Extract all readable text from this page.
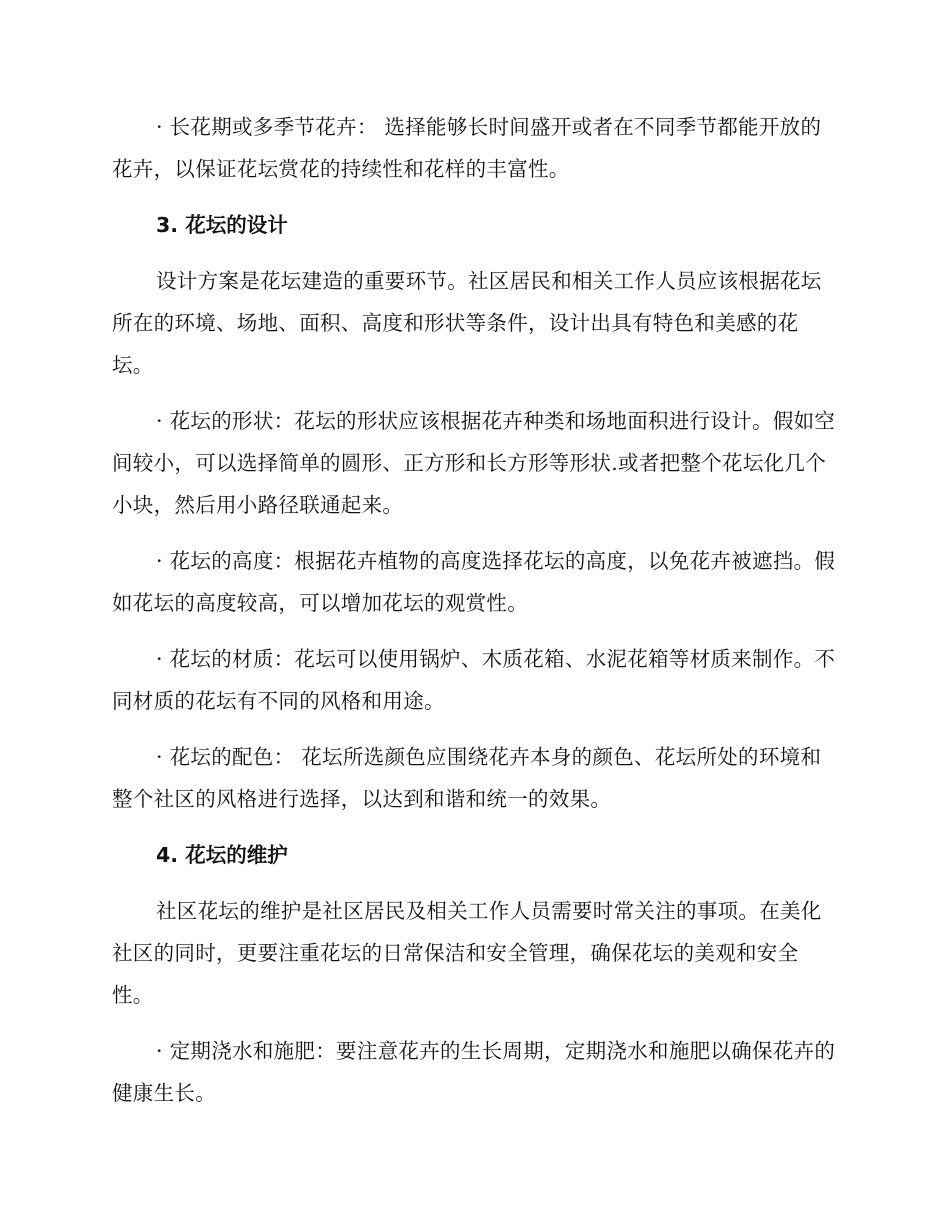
· 长花期或多季节花卉： 选择能够长时间盛开或者在不同季节都能开放的花卉，以保证花坛赏花的持续性和花样的丰富性。

3. 花坛的设计

设计方案是花坛建造的重要环节。社区居民和相关工作人员应该根据花坛所在的环境、场地、面积、高度和形状等条件，设计出具有特色和美感的花坛。

· 花坛的形状：花坛的形状应该根据花卉种类和场地面积进行设计。假如空间较小，可以选择简单的圆形、正方形和长方形等形状.或者把整个花坛化几个小块，然后用小路径联通起来。

· 花坛的高度：根据花卉植物的高度选择花坛的高度，以免花卉被遮挡。假如花坛的高度较高，可以增加花坛的观赏性。

· 花坛的材质：花坛可以使用锅炉、木质花箱、水泥花箱等材质来制作。不同材质的花坛有不同的风格和用途。

· 花坛的配色： 花坛所选颜色应围绕花卉本身的颜色、花坛所处的环境和整个社区的风格进行选择，以达到和谐和统一的效果。

4. 花坛的维护

社区花坛的维护是社区居民及相关工作人员需要时常关注的事项。在美化社区的同时，更要注重花坛的日常保洁和安全管理，确保花坛的美观和安全性。

· 定期浇水和施肥：要注意花卉的生长周期，定期浇水和施肥以确保花卉的健康生长。
